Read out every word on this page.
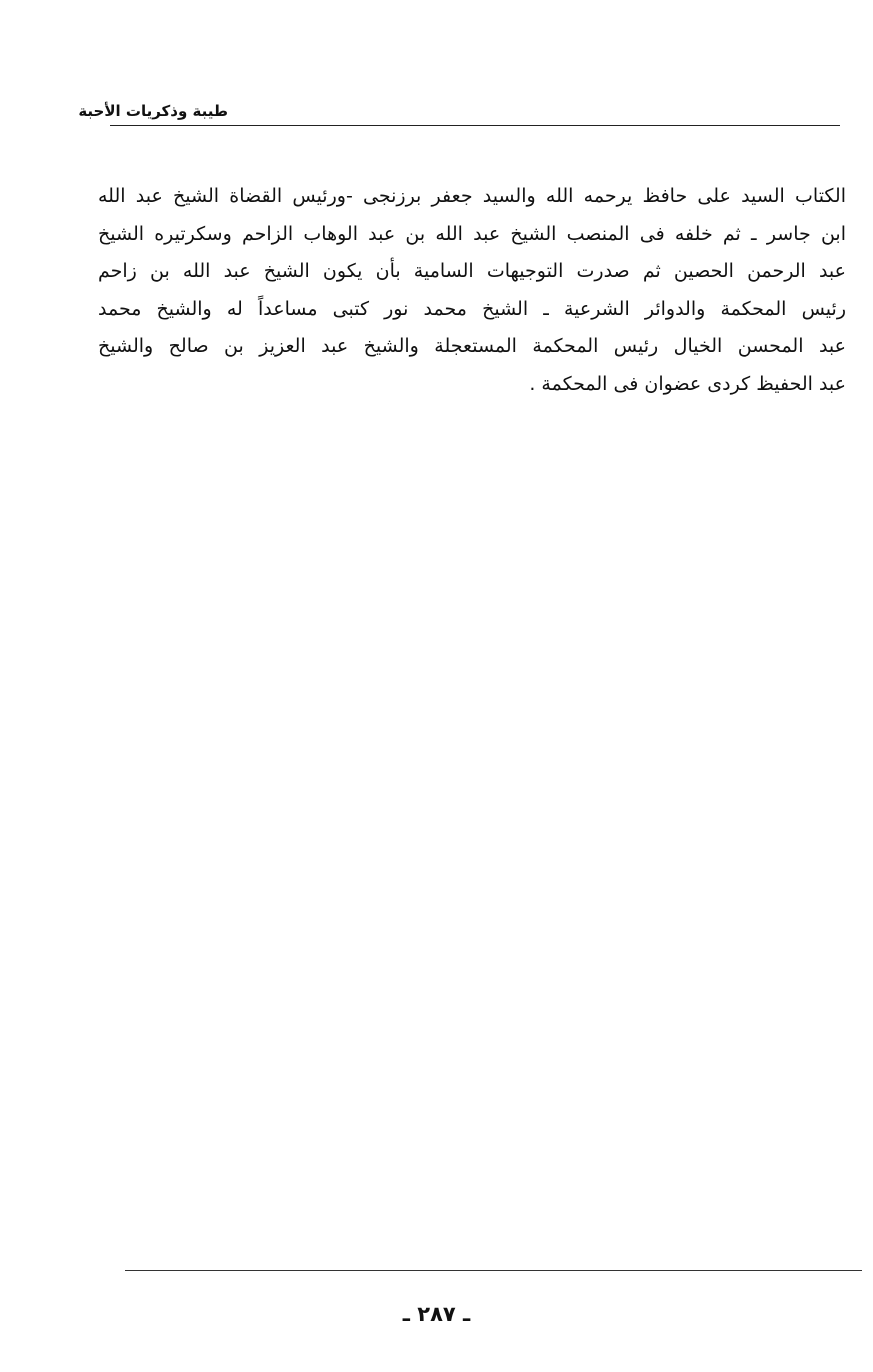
طيبة وذكريات الأحبة
الكتاب السيد على حافظ يرحمه الله والسيد جعفر برزنجى -ورئيس القضاة الشيخ عبد الله
ابن جاسر ـ ثم خلفه فى المنصب الشيخ عبد الله بن عبد الوهاب الزاحم وسكرتيره الشيخ
عبد الرحمن الحصين ثم صدرت التوجيهات السامية بأن يكون الشيخ عبد الله بن زاحم
رئيس المحكمة والدوائر الشرعية ـ الشيخ محمد نور كتبى مساعداً له والشيخ محمد
عبد المحسن الخيال رئيس المحكمة المستعجلة والشيخ عبد العزيز بن صالح والشيخ
عبد الحفيظ كردى عضوان فى المحكمة .
ـ ٢٨٧ ـ
